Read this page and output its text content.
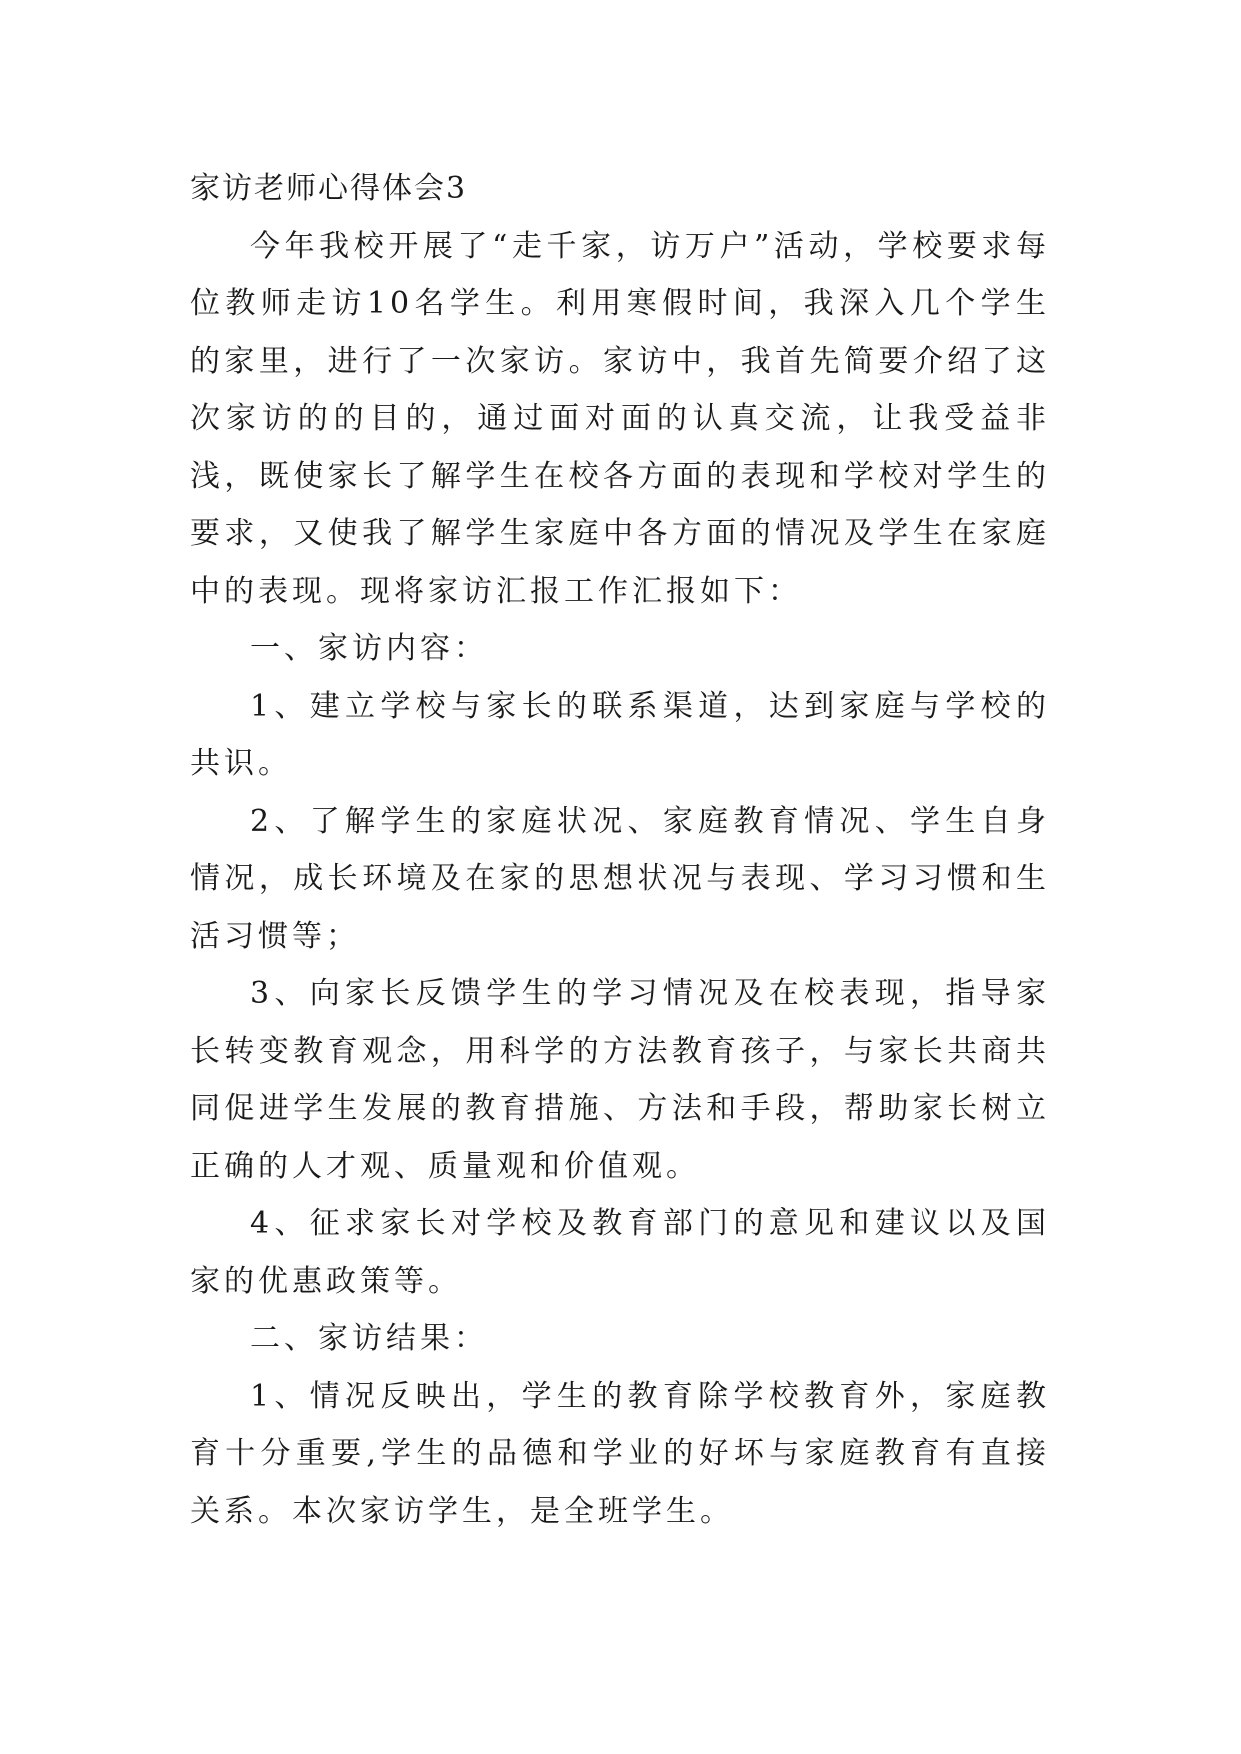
家访老师心得体会3

今年我校开展了“走千家，访万户”活动，学校要求每位教师走访10名学生。利用寒假时间，我深入几个学生的家里，进行了一次家访。家访中，我首先简要介绍了这次家访的的目的，通过面对面的认真交流，让我受益非浅，既使家长了解学生在校各方面的表现和学校对学生的要求，又使我了解学生家庭中各方面的情况及学生在家庭中的表现。现将家访汇报工作汇报如下：

一、家访内容：

1、建立学校与家长的联系渠道，达到家庭与学校的共识。

2、了解学生的家庭状况、家庭教育情况、学生自身情况，成长环境及在家的思想状况与表现、学习习惯和生活习惯等；

3、向家长反馈学生的学习情况及在校表现，指导家长转变教育观念，用科学的方法教育孩子，与家长共商共同促进学生发展的教育措施、方法和手段，帮助家长树立正确的人才观、质量观和价值观。

4、征求家长对学校及教育部门的意见和建议以及国家的优惠政策等。

二、家访结果：

1、情况反映出，学生的教育除学校教育外，家庭教育十分重要,学生的品德和学业的好坏与家庭教育有直接关系。本次家访学生，是全班学生。
